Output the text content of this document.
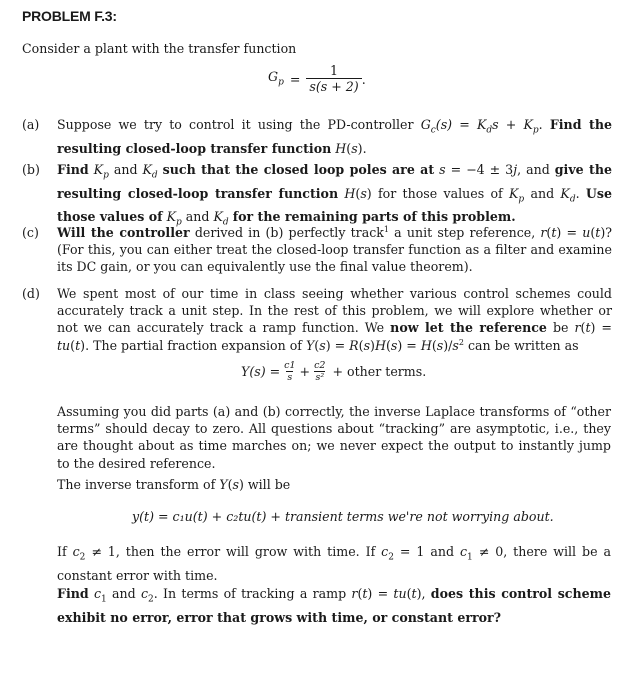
PROBLEM F.3:
Consider a plant with the transfer function
$G_p = \frac{1}{s(s + 2)}$ .
(a) Suppose we try to control it using the PD-controller $G_c(s) = K_ds + K_p$. Find the resulting closed-loop transfer function H(s).
(b) Find $K_p$ and $K_d$ such that the closed loop poles are at s = −4 ± 3j, and give the resulting closed-loop transfer function H(s) for those values of $K_p$ and $K_d$. Use those values of $K_p$ and $K_d$ for the remaining parts of this problem.
(c) Will the controller derived in (b) perfectly track$^1$ a unit step reference, r(t) = u(t)? (For this, you can either treat the closed-loop transfer function as a filter and examine its DC gain, or you can equivalently use the final value theorem).
(d) We spent most of our time in class seeing whether various control schemes could accurately track a unit step. In the rest of this problem, we will explore whether or not we can accurately track a ramp function. We now let the reference be r(t) = tu(t). The partial fraction expansion of $Y(s) = R(s)H(s) = H(s)/s^2$ can be written as
$Y(s) = \frac{c1}{s} + \frac{c2}{\text{s²}}$ + other terms.
Assuming you did parts (a) and (b) correctly, the inverse Laplace transforms of “other terms” should decay to zero. All questions about “tracking” are asymptotic, i.e., they are thought about as time marches on; we never expect the output to instantly jump to the desired reference.
The inverse transform of Y(s) will be
y(t) = c₁u(t) + c₂tu(t) + transient terms we're not worrying about.
If $c_2 \ne 1$, then the error will grow with time. If $c_2 = 1$ and $c_1 \ne 0$, there will be a constant error with time.
Find $c_1$ and $c_2$. In terms of tracking a ramp r(t) = tu(t), does this control scheme exhibit no error, error that grows with time, or constant error?
